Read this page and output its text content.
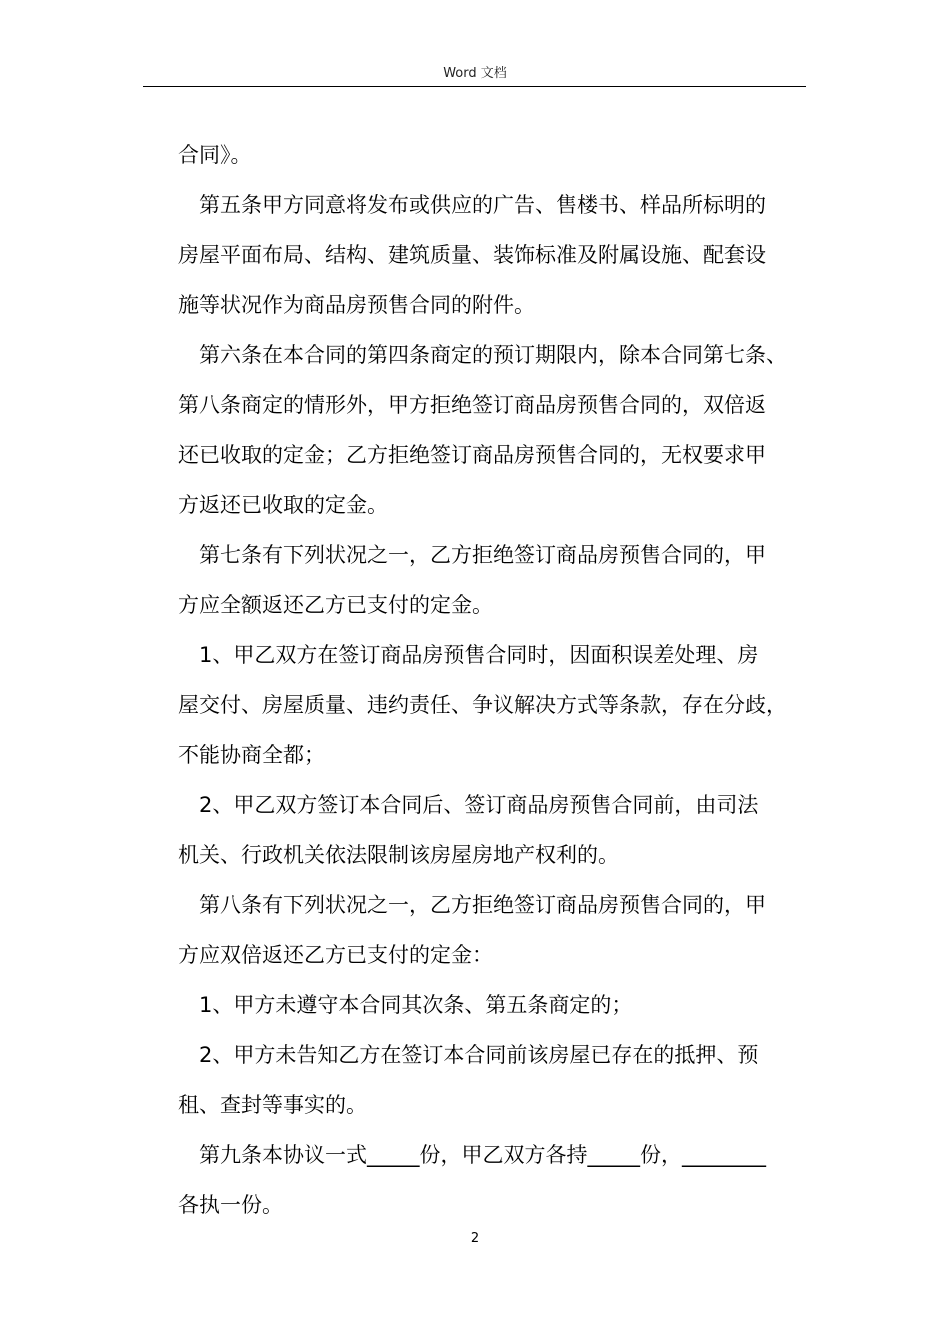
Word 文档

合同》。

第五条甲方同意将发布或供应的广告、售楼书、样品所标明的

房屋平面布局、结构、建筑质量、装饰标准及附属设施、配套设

施等状况作为商品房预售合同的附件。

第六条在本合同的第四条商定的预订期限内，除本合同第七条、

第八条商定的情形外，甲方拒绝签订商品房预售合同的，双倍返

还已收取的定金；乙方拒绝签订商品房预售合同的，无权要求甲

方返还已收取的定金。

第七条有下列状况之一，乙方拒绝签订商品房预售合同的，甲

方应全额返还乙方已支付的定金。

1、甲乙双方在签订商品房预售合同时，因面积误差处理、房

屋交付、房屋质量、违约责任、争议解决方式等条款，存在分歧，

不能协商全都；

2、甲乙双方签订本合同后、签订商品房预售合同前，由司法

机关、行政机关依法限制该房屋房地产权利的。

第八条有下列状况之一，乙方拒绝签订商品房预售合同的，甲

方应双倍返还乙方已支付的定金：

1、甲方未遵守本合同其次条、第五条商定的；

2、甲方未告知乙方在签订本合同前该房屋已存在的抵押、预

租、查封等事实的。

第九条本协议一式_____份，甲乙双方各持_____份，________

各执一份。

2
